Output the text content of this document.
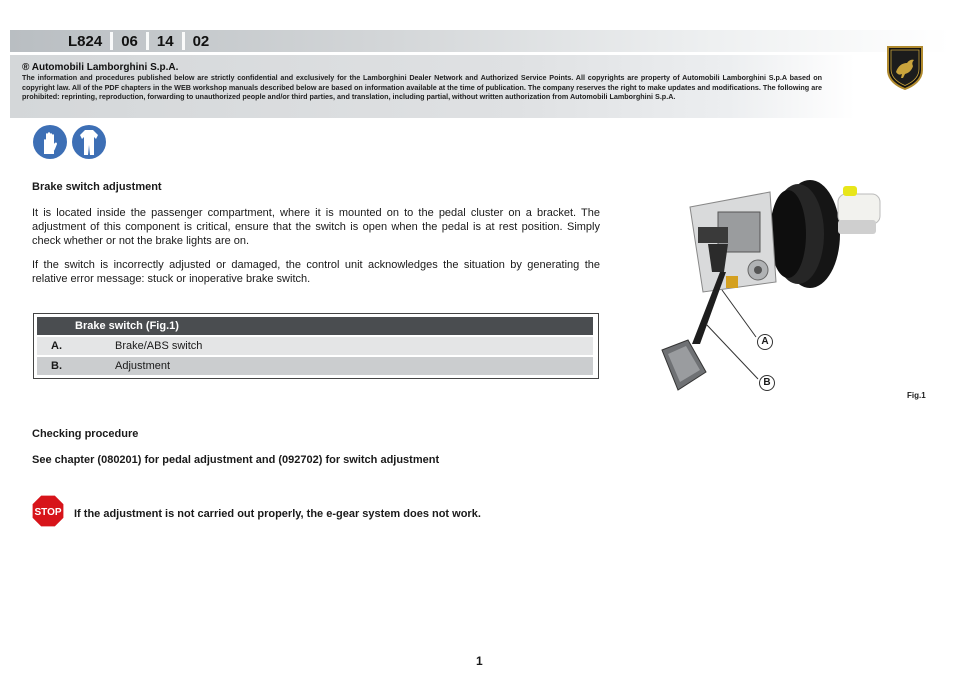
L824	06	14	02
® Automobili Lamborghini S.p.A.
The information and procedures published below are strictly confidential and exclusively for the Lamborghini Dealer Network and Authorized Service Points. All copyrights are property of Automobili Lamborghini S.p.A based on copyright law. All of the PDF chapters in the WEB workshop manuals described below are based on information available at the time of publication. The company reserves the right to make updates and modifications. The following are prohibited: reprinting, reproduction, forwarding to unauthorized people and/or third parties, and translation, including partial, without written authorization from Automobili Lamborghini S.p.A.
Brake switch adjustment

It is located inside the passenger compartment, where it is mounted on to the pedal cluster on a bracket. The adjustment of this component is critical, ensure that the switch is open when the pedal is at rest position. Simply check whether or not the brake lights are on.

If the switch is incorrectly adjusted or damaged, the control unit acknowledges the situation by generating the relative error message: stuck or inoperative brake switch.

Brake switch (Fig.1)
A.	Brake/ABS switch
B.	Adjustment
A
B
Fig.1
Checking procedure
See chapter (080201) for pedal adjustment and (092702) for switch adjustment
STOP If the adjustment is not carried out properly, the e-gear system does not work.
1
